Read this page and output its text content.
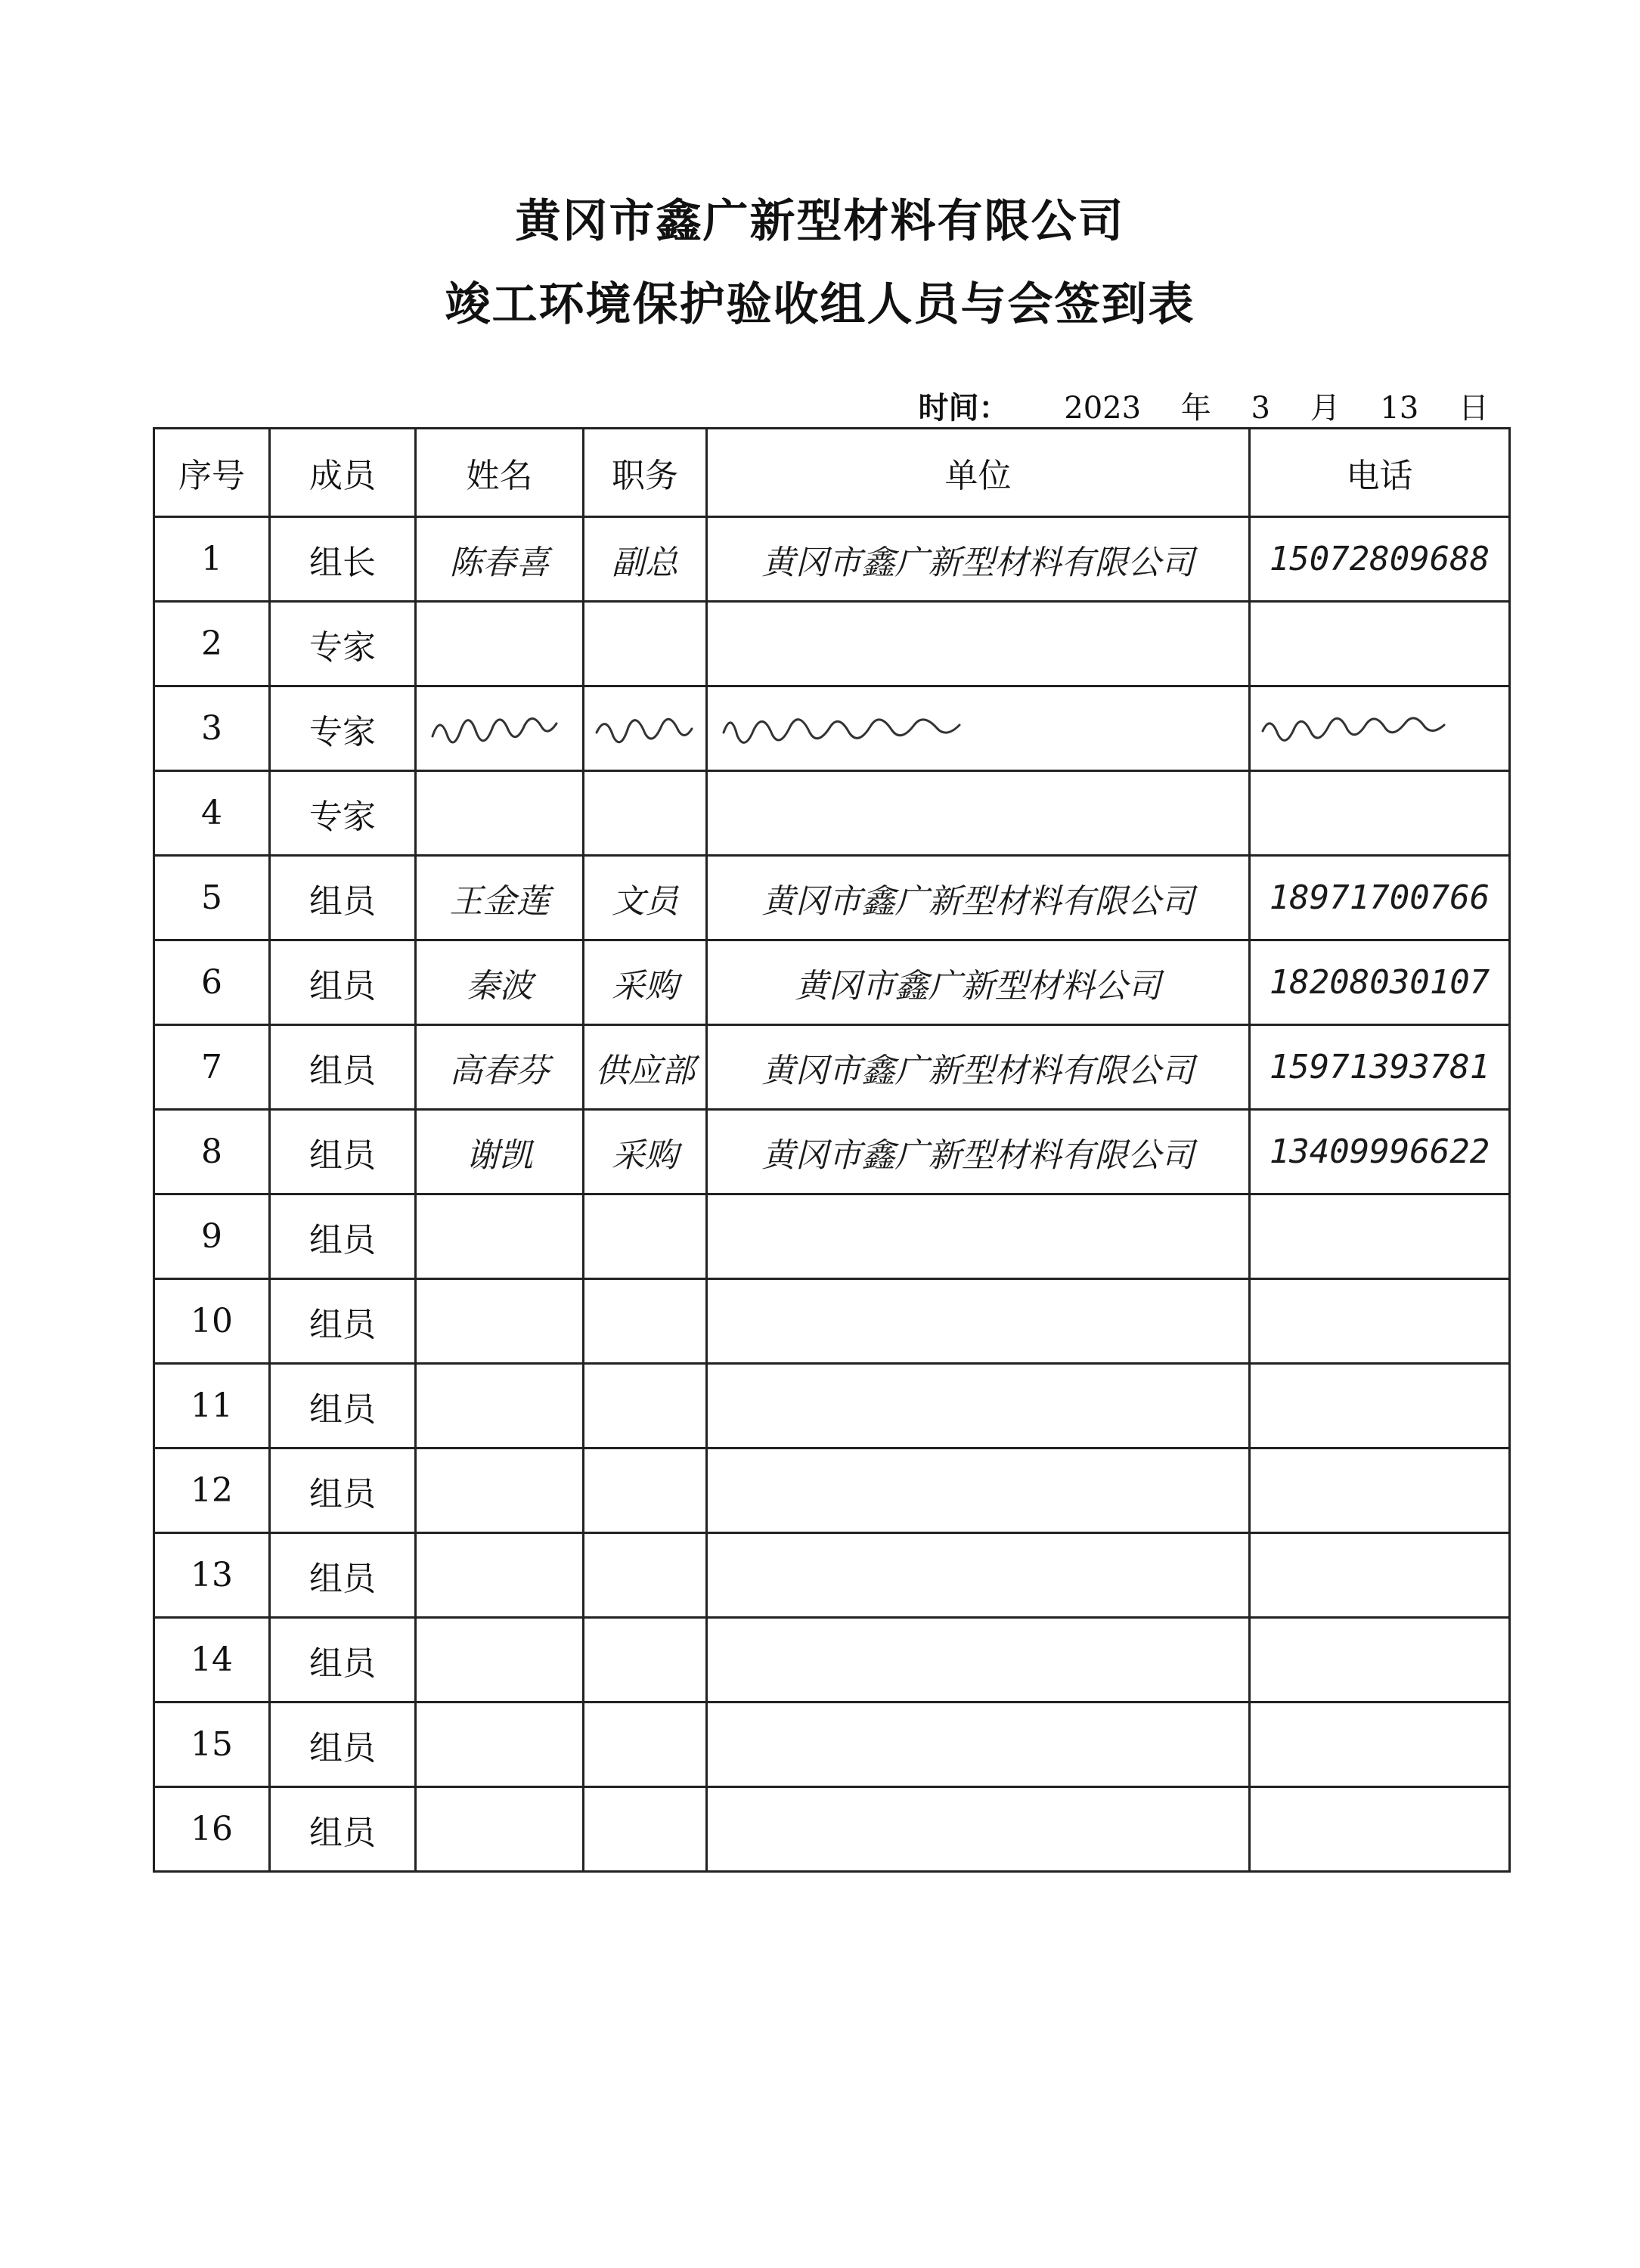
黄冈市鑫广新型材料有限公司
竣工环境保护验收组人员与会签到表
时间： 2023 年 3 月 13 日
序号	成员	姓名	职务	单位	电话
1	组长	陈春喜	副总	黄冈市鑫广新型材料有限公司	15072809688
2	专家				
3	专家	

4	专家				
5	组员	王金莲	文员	黄冈市鑫广新型材料有限公司	18971700766
6	组员	秦波	采购	黄冈市鑫广新型材料公司	18208030107
7	组员	高春芬	供应部	黄冈市鑫广新型材料有限公司	15971393781
8	组员	谢凯	采购	黄冈市鑫广新型材料有限公司	13409996622
9	组员				
10	组员				
11	组员				
12	组员				
13	组员				
14	组员				
15	组员				
16	组员				
